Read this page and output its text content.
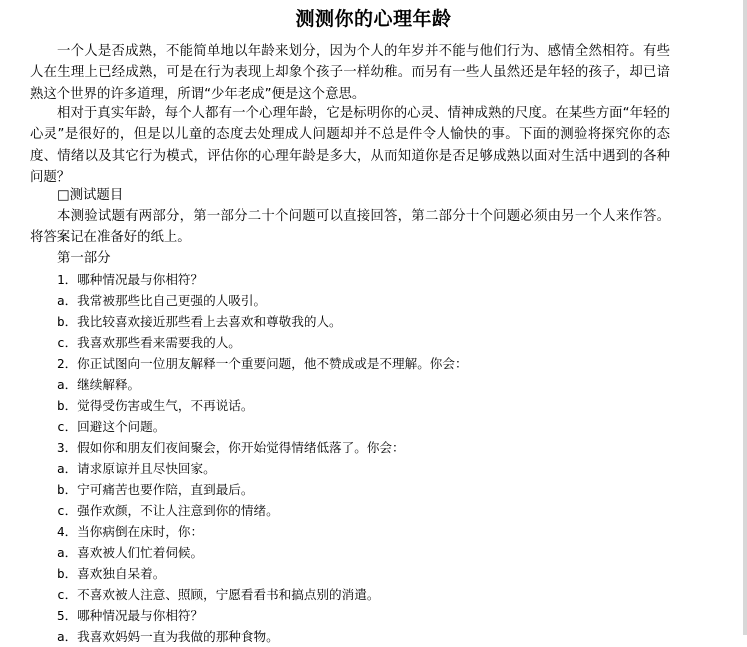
测测你的心理年龄

一个人是否成熟，不能简单地以年龄来划分，因为个人的年岁并不能与他们行为、感情全然相符。有些人在生理上已经成熟，可是在行为表现上却象个孩子一样幼稚。而另有一些人虽然还是年轻的孩子，却已谙熟这个世界的许多道理，所谓“少年老成”便是这个意思。

相对于真实年龄，每个人都有一个心理年龄，它是标明你的心灵、情神成熟的尺度。在某些方面“年轻的心灵”是很好的，但是以儿童的态度去处理成人问题却并不总是件令人愉快的事。下面的测验将探究你的态度、情绪以及其它行为模式，评估你的心理年龄是多大，从而知道你是否足够成熟以面对生活中遇到的各种问题？

□测试题目

本测验试题有两部分，第一部分二十个问题可以直接回答，第二部分十个问题必须由另一个人来作答。将答案记在准备好的纸上。

第一部分
1．哪种情况最与你相符？
a．我常被那些比自己更强的人吸引。
b．我比较喜欢接近那些看上去喜欢和尊敬我的人。
c．我喜欢那些看来需要我的人。
2．你正试图向一位朋友解释一个重要问题，他不赞成或是不理解。你会：
a．继续解释。
b．觉得受伤害或生气，不再说话。
c．回避这个问题。
3．假如你和朋友们夜间聚会，你开始觉得情绪低落了。你会：
a．请求原谅并且尽快回家。
b．宁可痛苦也要作陪，直到最后。
c．强作欢颜，不让人注意到你的情绪。
4．当你病倒在床时，你：
a．喜欢被人们忙着伺候。
b．喜欢独自呆着。
c．不喜欢被人注意、照顾，宁愿看看书和搞点别的消遣。
5．哪种情况最与你相符？
a．我喜欢妈妈一直为我做的那种食物。
